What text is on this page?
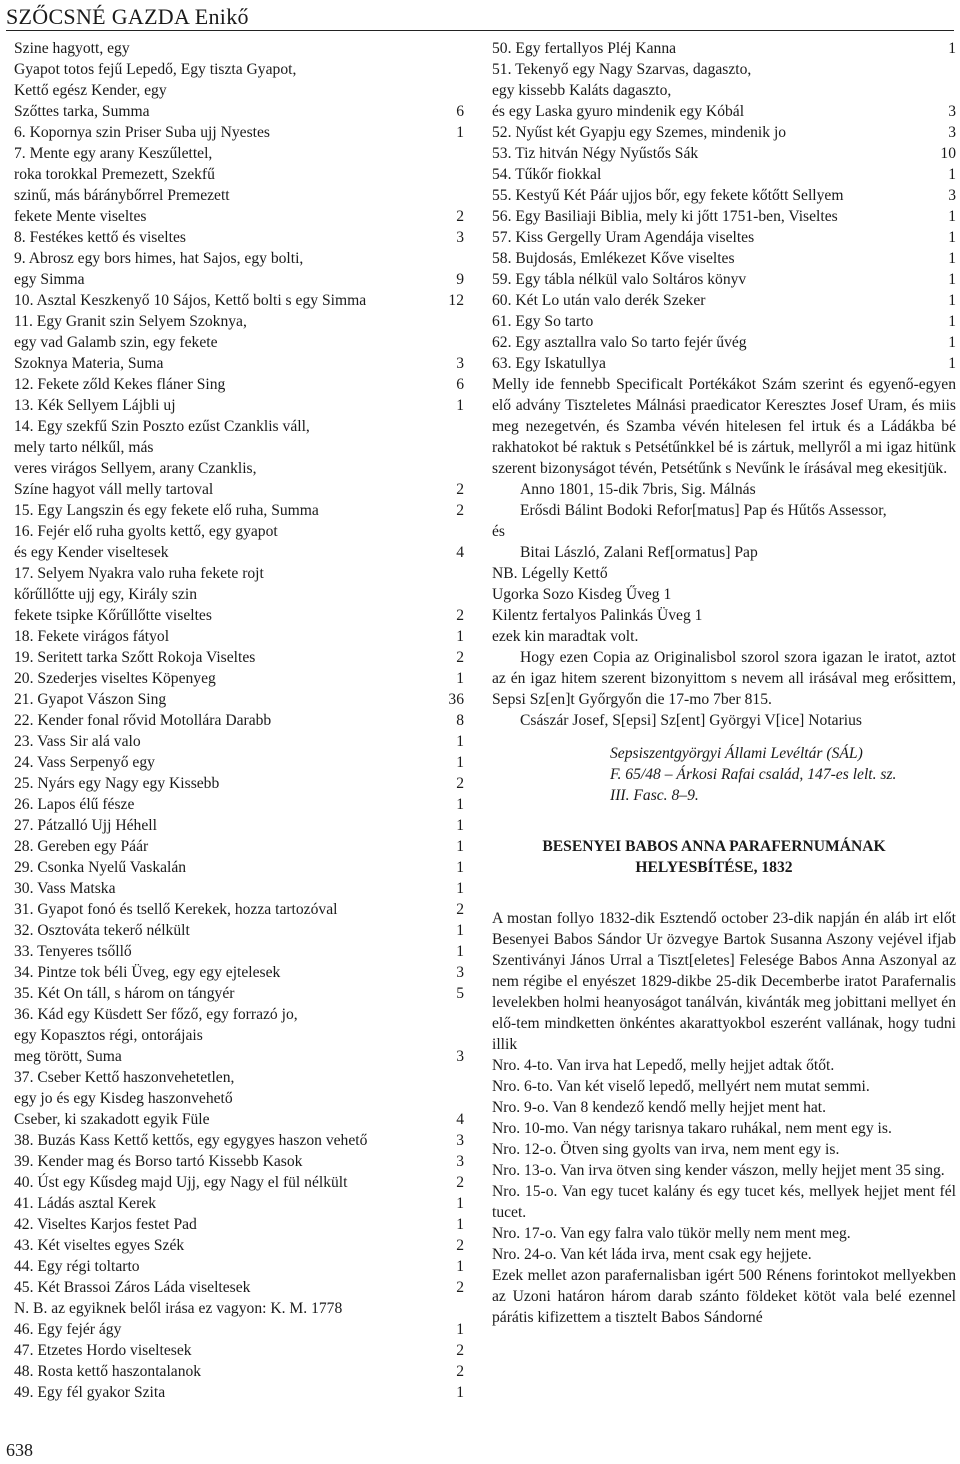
SZŐCSNÉ GAZDA Enikő
Szine hagyott, egy
Gyapot totos fejű Lepedő, Egy tiszta Gyapot,
Kettő egész Kender, egy
Szőttes tarka, Summa	6
6. Kopornya szin Priser Suba ujj Nyestes	1
7. Mente egy arany Keszűlettel,
roka torokkal Premezett, Szekfű
szinű, más báránybőrrel Premezett
fekete Mente viseltes	2
8. Festékes kettő és viseltes	3
9. Abrosz egy bors himes, hat Sajos, egy bolti,
egy Simma	9
10. Asztal Keszkenyő 10 Sájos, Kettő bolti s egy Simma	12
11. Egy Granit szin Selyem Szoknya,
egy vad Galamb szin, egy fekete
Szoknya Materia, Suma	3
12. Fekete zőld Kekes fláner Sing	6
13. Kék Sellyem Lájbli uj	1
14. Egy szekfű Szin Poszto ezűst Czanklis váll,
mely tarto nélkűl, más
veres virágos Sellyem, arany Czanklis,
Színe hagyot váll melly tartoval	2
15. Egy Langszin és egy fekete elő ruha, Summa	2
16. Fejér elő ruha gyolts kettő, egy gyapot
és egy Kender viseltesek	4
17. Selyem Nyakra valo ruha fekete rojt
kőrűllőtte ujj egy, Király szin
fekete tsipke Kőrűllőtte viseltes	2
18. Fekete virágos fátyol	1
19. Seritett tarka Szőtt Rokoja Viseltes	2
20. Szederjes viseltes Köpenyeg	1
21. Gyapot Vászon Sing	36
22. Kender fonal rővid Motollára Darabb	8
23. Vass Sir alá valo	1
24. Vass Serpenyő egy	1
25. Nyárs egy Nagy egy Kissebb	2
26. Lapos élű fésze	1
27. Pátzalló Ujj Héhell	1
28. Gereben egy Páár	1
29. Csonka Nyelű Vaskalán	1
30. Vass Matska	1
31. Gyapot fonó és tsellő Kerekek, hozza tartozóval	2
32. Osztováta tekerő nélkült	1
33. Tenyeres tsőllő	1
34. Pintze tok béli Üveg, egy egy ejtelesek	3
35. Két On táll, s három on tángyér	5
36. Kád egy Küsdett Ser főző, egy forrazó jo,
egy Kopasztos régi, ontorájais
meg törött, Suma	3
37. Cseber Kettő haszonvehetetlen,
egy jo és egy Kisdeg haszonvehető
Cseber, ki szakadott egyik Füle	4
38. Buzás Kass Kettő kettős, egy egygyes haszon vehető	3
39. Kender mag és Borso tartó Kissebb Kasok	3
40. Úst egy Kűsdeg majd Ujj, egy Nagy el fül nélkült	2
41. Ládás asztal Kerek	1
42. Viseltes Karjos festet Pad	1
43. Két viseltes egyes Szék	2
44. Egy régi toltarto	1
45. Két Brassoi Záros Láda viseltesek	2
N. B. az egyiknek belől irása ez vagyon: K. M. 1778
46. Egy fejér ágy	1
47. Etzetes Hordo viseltesek	2
48. Rosta kettő haszontalanok	2
49. Egy fél gyakor Szita	1
50. Egy fertallyos Pléj Kanna	1
51. Tekenyő egy Nagy Szarvas, dagaszto,
egy kissebb Kaláts dagaszto,
és egy Laska gyuro mindenik egy Kóbál	3
52. Nyűst két Gyapju egy Szemes, mindenik jo	3
53. Tiz hitván Négy Nyűstős Sák	10
54. Tűkőr fiokkal	1
55. Kestyű Két Páár ujjos bőr, egy fekete kőtőtt Sellyem	3
56. Egy Basiliaji Biblia, mely ki jőtt 1751-ben, Viseltes	1
57. Kiss Gergelly Uram Agendája viseltes	1
58. Bujdosás, Emlékezet Kőve viseltes	1
59. Egy tábla nélkül valo Soltáros könyv	1
60. Két Lo után valo derék Szeker	1
61. Egy So tarto	1
62. Egy asztallra valo So tarto fejér űvég	1
63. Egy Iskatullya	1
Melly ide fennebb Specificalt Portékákot Szám szerint és egyenő-egyen elő advány Tiszteletes Málnási praedicator Keresztes Josef Uram, és miis meg nezegetvén, és Szamba vévén hitelesen fel irtuk és a Ládákba bé rakhatokot bé raktuk s Petsétűnkkel bé is zártuk, mellyről a mi igaz hitünk szerent bizonyságot tévén, Petsétűnk s Nevűnk le írásával meg ekesitjük.
Anno 1801, 15-dik 7bris, Sig. Málnás
Erősdi Bálint Bodoki Refor[matus] Pap és Hűtős Assessor,
és
Bitai László, Zalani Ref[ormatus] Pap
NB. Légelly Kettő
Ugorka Sozo Kisdeg Űveg 1
Kilentz fertalyos Palinkás Üveg 1
ezek kin maradtak volt.
Hogy ezen Copia az Originalisbol szorol szora igazan le iratot, aztot az én igaz hitem szerent bizonyittom s nevem all irásával meg erősittem, Sepsi Sz[en]t Győrgyőn die 17-mo 7ber 815.
Császár Josef, S[epsi] Sz[ent] Györgyi V[ice] Notarius
Sepsiszentgyörgyi Állami Levéltár (SÁL)
F. 65/48 – Árkosi Rafai család, 147-es lelt. sz.
III. Fasc. 8–9.
BESENYEI BABOS ANNA PARAFERNUMÁNAK
HELYESBÍTÉSE, 1832
A mostan follyo 1832-dik Esztendő october 23-dik napján én aláb irt előt Besenyei Babos Sándor Ur özvegye Bartok Susanna Aszony vejével ifjab Szentiványi János Urral a Tiszt[eletes] Felesége Babos Anna Aszonyal az nem régibe el enyészet 1829-dikbe 25-dik Decemberbe iratot Parafernalis levelekben holmi heanyoságot tanálván, kivánták meg jobittani mellyet én elő-tem mindketten önkéntes akarattyokbol eszerént vallának, hogy tudni illik
Nro. 4-to. Van irva hat Lepedő, melly hejjet adtak őtőt.
Nro. 6-to. Van két viselő lepedő, mellyért nem mutat semmi.
Nro. 9-o. Van 8 kendező kendő melly hejjet ment hat.
Nro. 10-mo. Van négy tarisnya takaro ruhákal, nem ment egy is.
Nro. 12-o. Ötven sing gyolts van irva, nem ment egy is.
Nro. 13-o. Van irva ötven sing kender vászon, melly hejjet ment 35 sing.
Nro. 15-o. Van egy tucet kalány és egy tucet kés, mellyek hejjet ment fél tucet.
Nro. 17-o. Van egy falra valo tükör melly nem ment meg.
Nro. 24-o. Van két láda irva, ment csak egy hejjete.
Ezek mellet azon parafernalisban igért 500 Rénens forintokot mellyekben az Uzoni határon három darab szánto földeket kötöt vala belé ezennel párátis kifizettem a tisztelt Babos Sándorné
638
